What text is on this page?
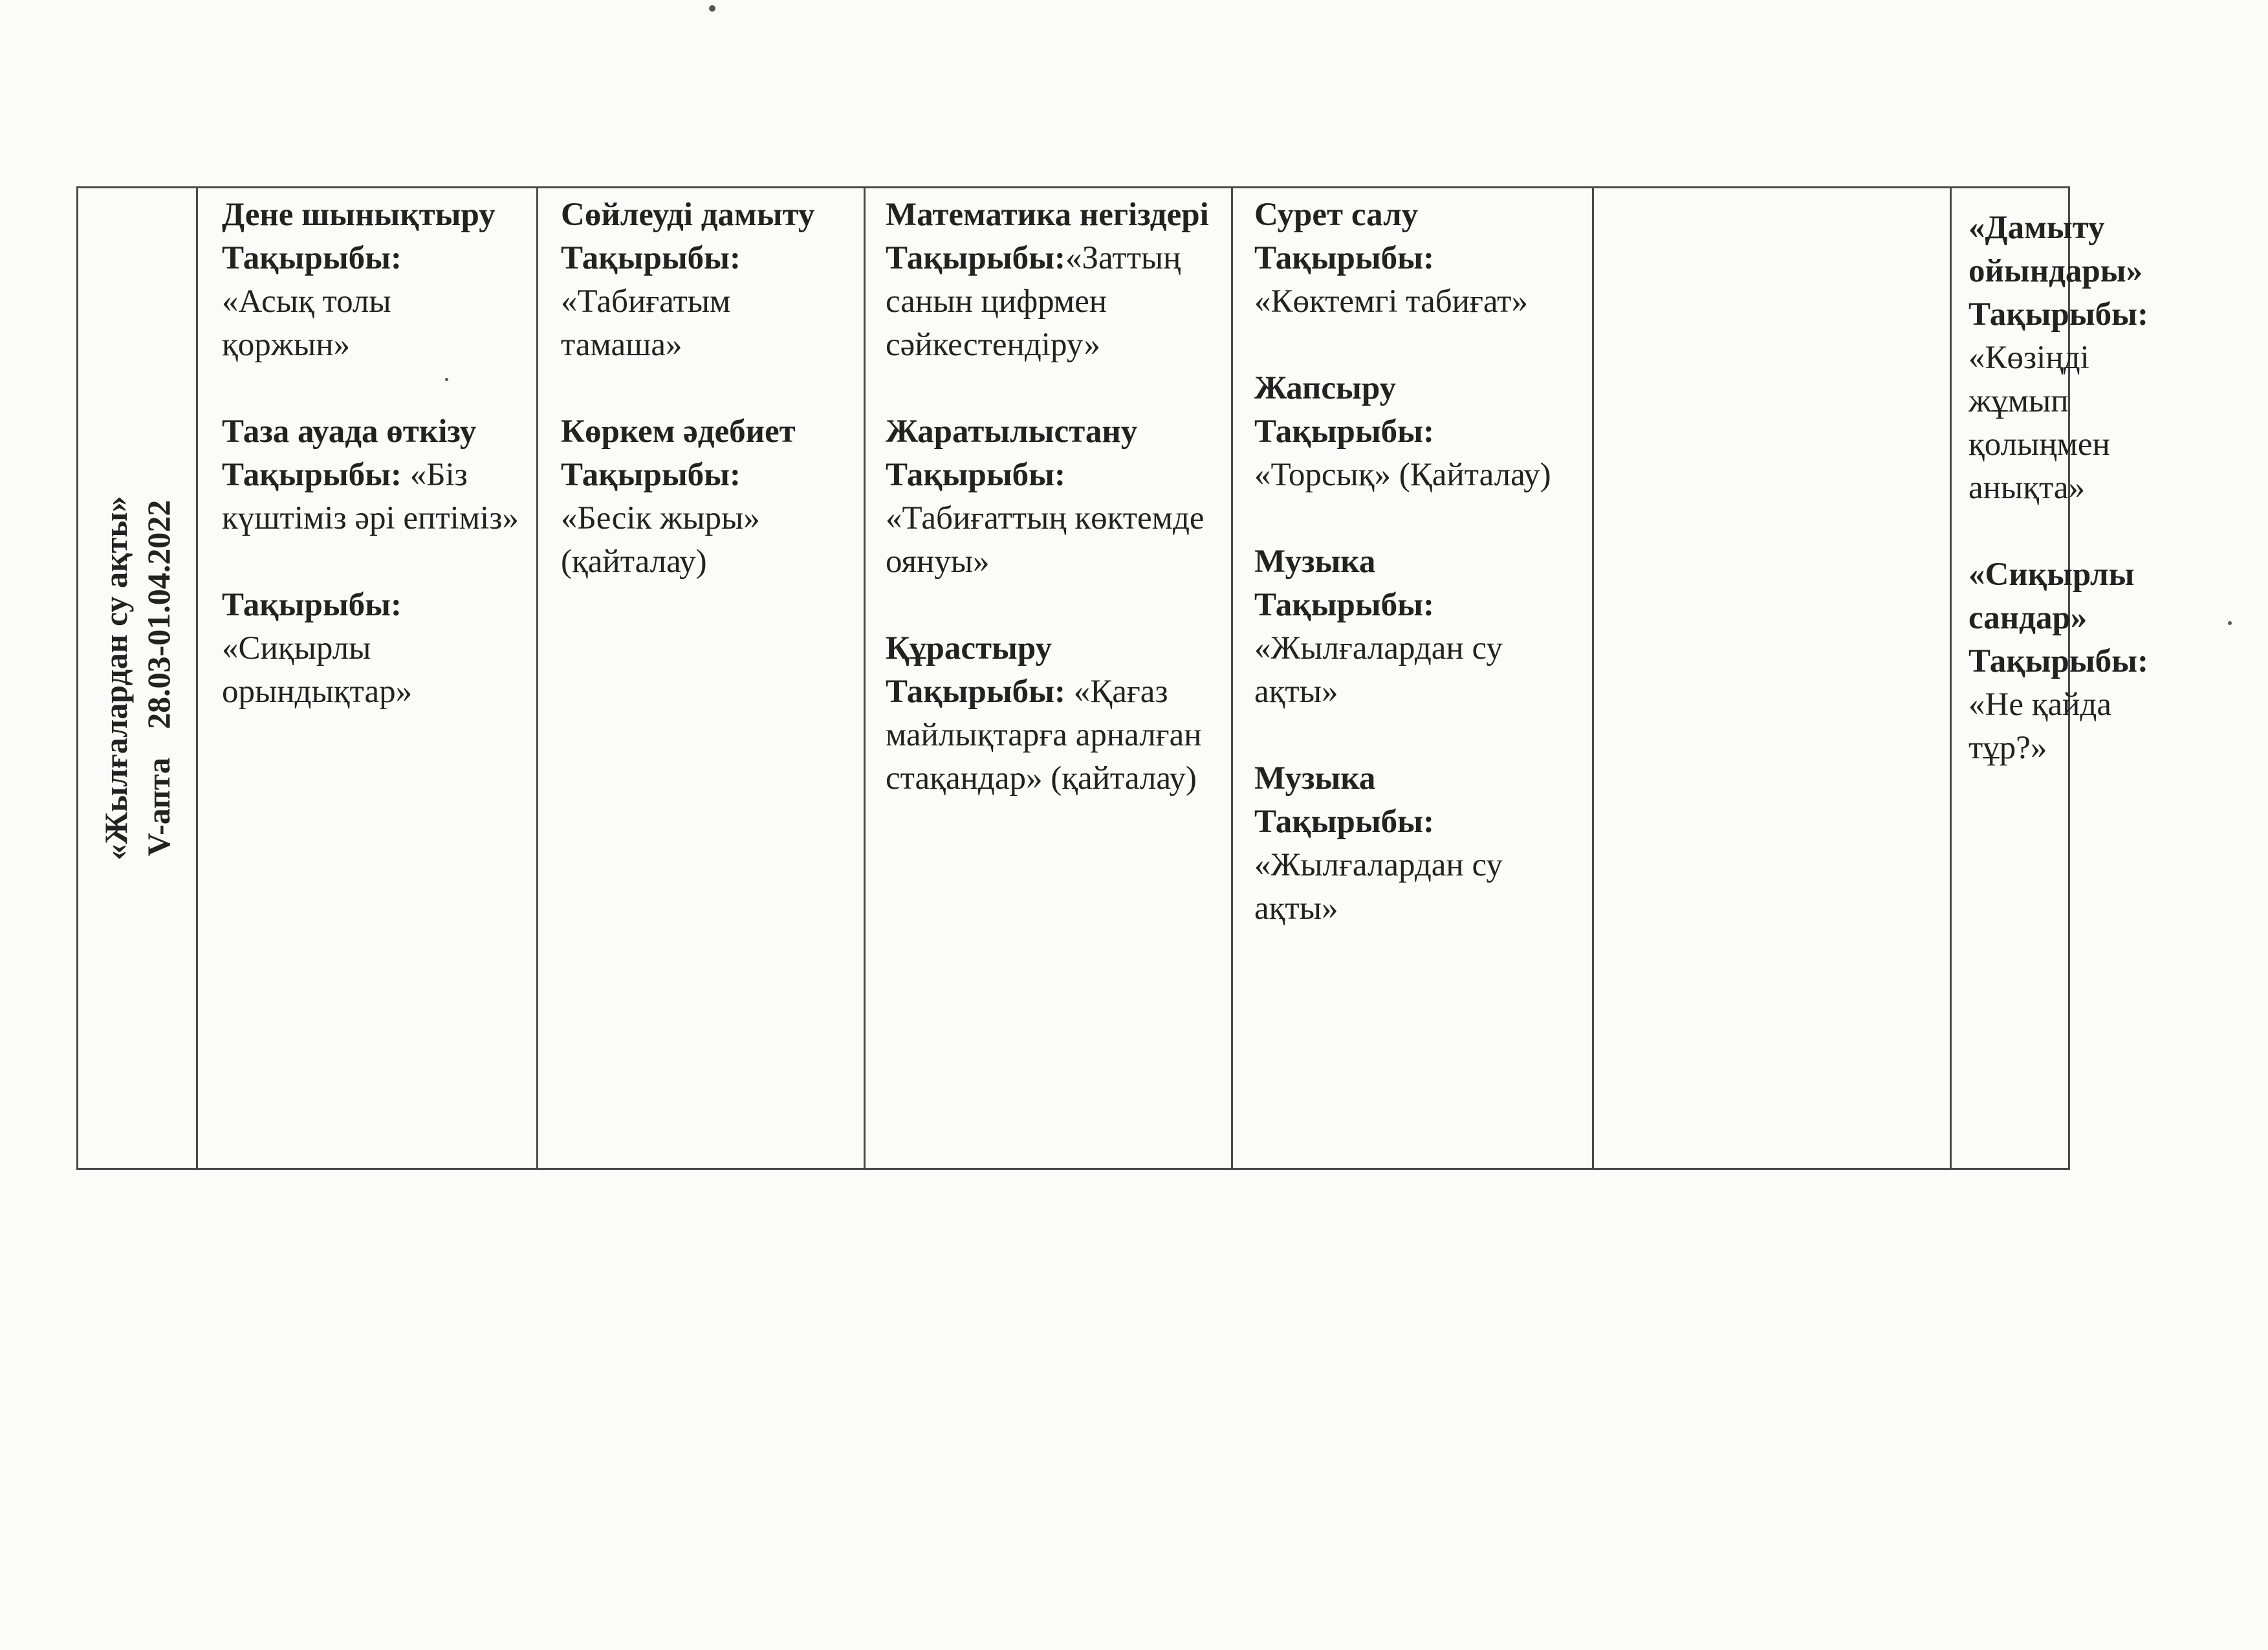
«Жылғалардан су ақты» V-апта28.03-01.04.2022
Дене шынықтыру
Тақырыбы:
«Асық толы қоржын»
Таза ауада өткізу
Тақырыбы: «Біз күштіміз әрі ептіміз»
Тақырыбы:
«Сиқырлы орындықтар»
Сөйлеуді дамыту
Тақырыбы:
«Табиғатым тамаша»
Көркем әдебиет
Тақырыбы:
«Бесік жыры» (қайталау)
Математика негіздері
Тақырыбы:«Заттың санын цифрмен сәйкестендіру»
Жаратылыстану
Тақырыбы:
«Табиғаттың көктемде оянуы»
Құрастыру
Тақырыбы: «Қағаз майлықтарға арналған стақандар» (қайталау)
Сурет салу
Тақырыбы:
«Көктемгі табиғат»
Жапсыру
Тақырыбы:
«Торсық» (Қайталау)
Музыка
Тақырыбы:
«Жылғалардан су ақты»
Музыка
Тақырыбы:
«Жылғалардан су ақты»
«Дамыту ойындары»
Тақырыбы:
«Көзіңді жұмып қолыңмен анықта»
«Сиқырлы сандар»
Тақырыбы:
«Не қайда тұр?»
